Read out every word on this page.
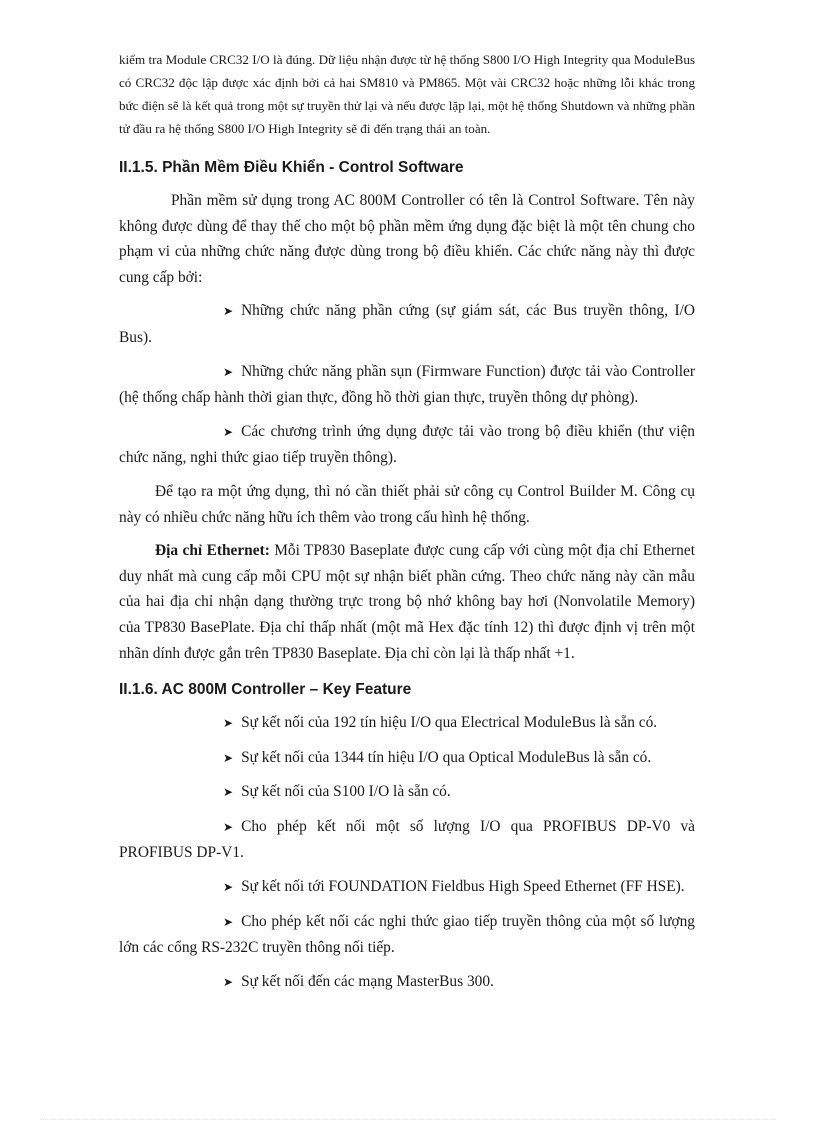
kiểm tra Module CRC32 I/O là đúng. Dữ liệu nhận được từ hệ thống S800 I/O High Integrity qua ModuleBus có CRC32 độc lập được xác định bởi cả hai SM810 và PM865. Một vài CRC32 hoặc những lỗi khác trong bức điện sẽ là kết quả trong một sự truyền thử lại và nếu được lặp lại, một hệ thống Shutdown và những phần tử đầu ra hệ thống S800 I/O High Integrity sẽ đi đến trạng thái an toàn.

II.1.5. Phần Mềm Điều Khiển - Control Software

Phần mềm sử dụng trong AC 800M Controller có tên là Control Software. Tên này không được dùng để thay thế cho một bộ phần mềm ứng dụng đặc biệt là một tên chung cho phạm vi của những chức năng được dùng trong bộ điều khiển. Các chức năng này thì được cung cấp bởi:

➤ Những chức năng phần cứng (sự giám sát, các Bus truyền thông, I/O Bus).

➤ Những chức năng phần sụn (Firmware Function) được tải vào Controller (hệ thống chấp hành thời gian thực, đồng hồ thời gian thực, truyền thông dự phòng).

➤ Các chương trình ứng dụng được tải vào trong bộ điều khiển (thư viện chức năng, nghi thức giao tiếp truyền thông).

Để tạo ra một ứng dụng, thì nó cần thiết phải sử công cụ Control Builder M. Công cụ này có nhiều chức năng hữu ích thêm vào trong cấu hình hệ thống.

Địa chỉ Ethernet: Mỗi TP830 Baseplate được cung cấp với cùng một địa chỉ Ethernet duy nhất mà cung cấp mỗi CPU một sự nhận biết phần cứng. Theo chức năng này cần mẫu của hai địa chỉ nhận dạng thường trực trong bộ nhớ không bay hơi (Nonvolatile Memory) của TP830 BasePlate. Địa chỉ thấp nhất (một mã Hex đặc tính 12) thì được định vị trên một nhãn dính được gắn trên TP830 Baseplate. Địa chỉ còn lại là thấp nhất +1.

II.1.6. AC 800M Controller – Key Feature

➤ Sự kết nối của 192 tín hiệu I/O qua Electrical ModuleBus là sẵn có.

➤ Sự kết nối của 1344 tín hiệu I/O qua Optical ModuleBus là sẵn có.

➤ Sự kết nối của S100 I/O là sẵn có.

➤ Cho phép kết nối một số lượng I/O qua PROFIBUS DP-V0 và PROFIBUS DP-V1.

➤ Sự kết nối tới FOUNDATION Fieldbus High Speed Ethernet (FF HSE).

➤ Cho phép kết nối các nghi thức giao tiếp truyền thông của một số lượng lớn các cổng RS-232C truyền thông nối tiếp.

➤ Sự kết nối đến các mạng MasterBus 300.
